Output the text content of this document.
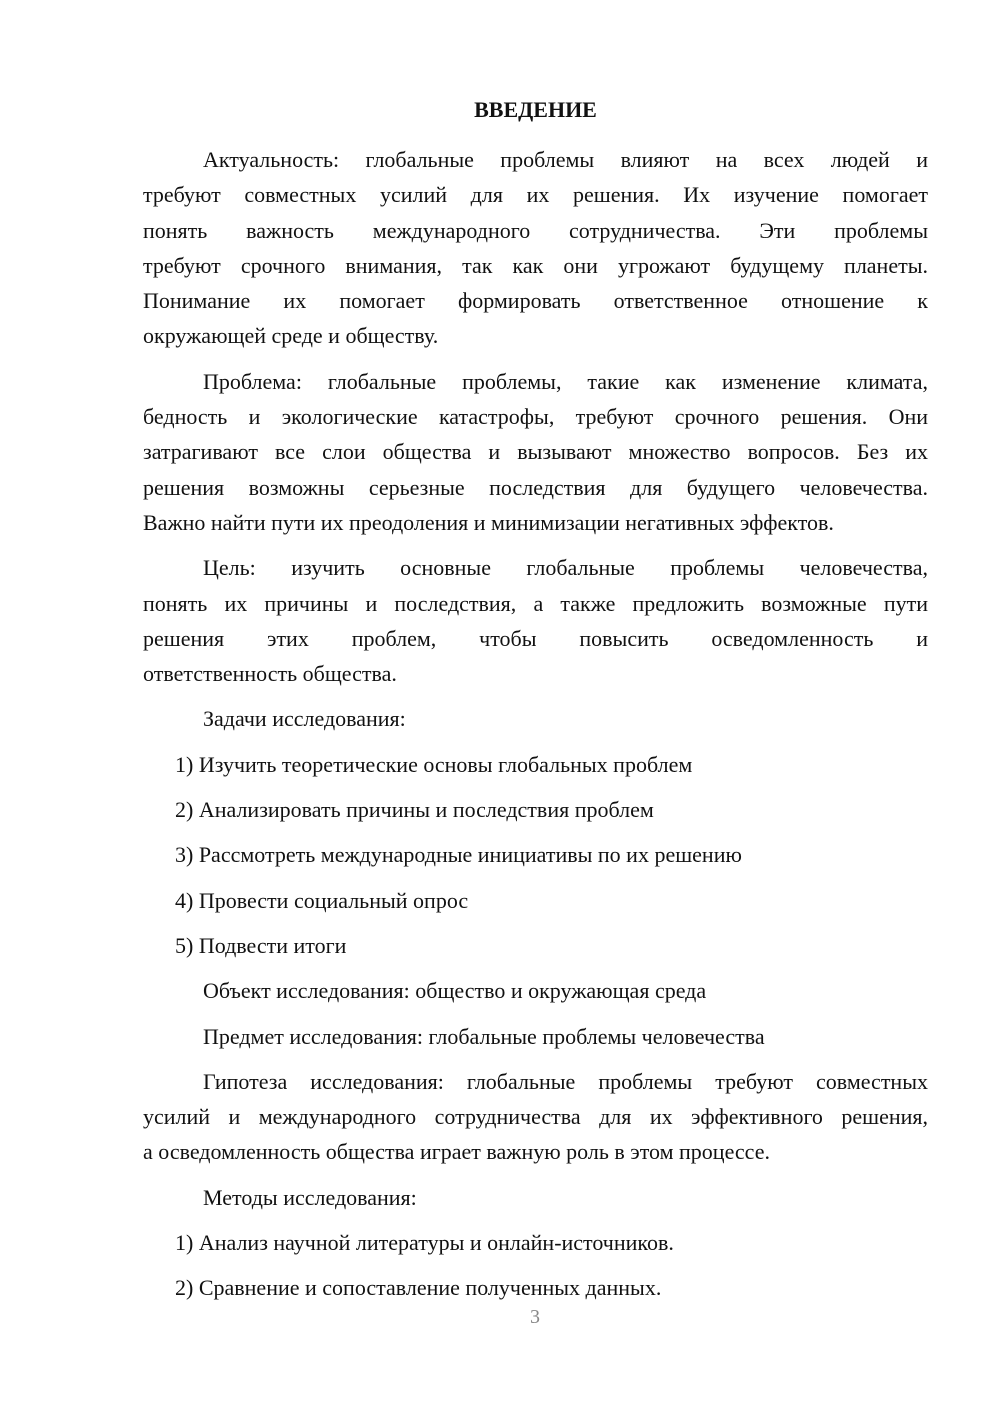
ВВЕДЕНИЕ
Актуальность: глобальные проблемы влияют на всех людей и
требуют совместных усилий для их решения. Их изучение помогает
понять важность международного сотрудничества. Эти проблемы
требуют срочного внимания, так как они угрожают будущему планеты.
Понимание их помогает формировать ответственное отношение к
окружающей среде и обществу.
Проблема: глобальные проблемы, такие как изменение климата,
бедность и экологические катастрофы, требуют срочного решения. Они
затрагивают все слои общества и вызывают множество вопросов. Без их
решения возможны серьезные последствия для будущего человечества.
Важно найти пути их преодоления и минимизации негативных эффектов.
Цель: изучить основные глобальные проблемы человечества,
понять их причины и последствия, а также предложить возможные пути
решения этих проблем, чтобы повысить осведомленность и
ответственность общества.
Задачи исследования:
1) Изучить теоретические основы глобальных проблем
2) Анализировать причины и последствия проблем
3) Рассмотреть международные инициативы по их решению
4) Провести социальный опрос
5) Подвести итоги
Объект исследования: общество и окружающая среда
Предмет исследования: глобальные проблемы человечества
Гипотеза исследования: глобальные проблемы требуют совместных
усилий и международного сотрудничества для их эффективного решения,
а осведомленность общества играет важную роль в этом процессе.
Методы исследования:
1) Анализ научной литературы и онлайн-источников.
2) Сравнение и сопоставление полученных данных.
3
